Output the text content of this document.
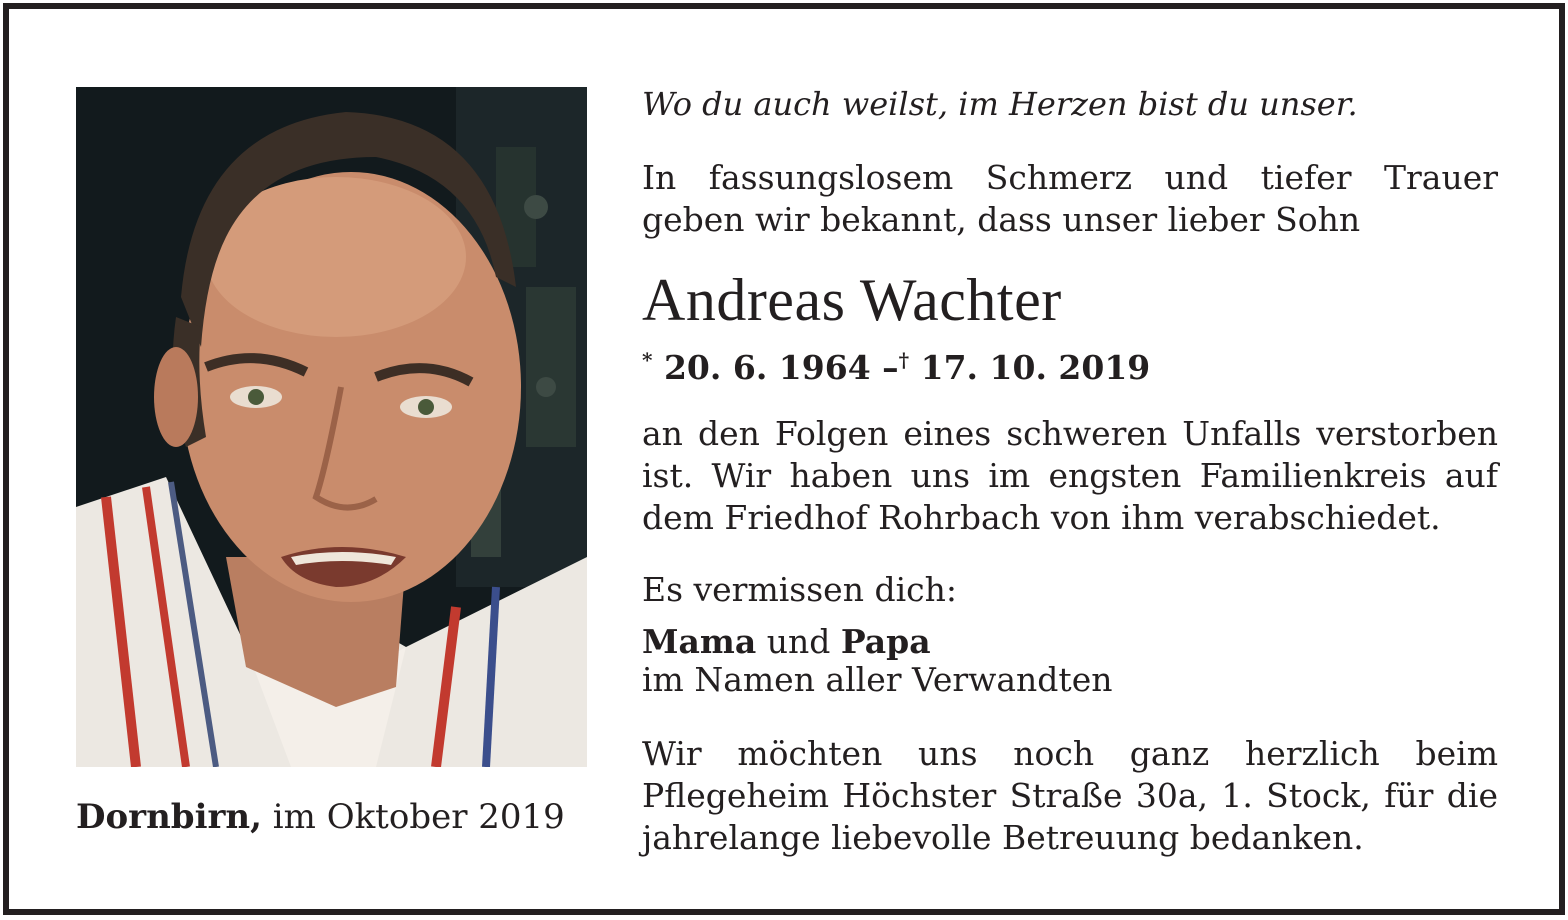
Dornbirn, im Oktober 2019
Wo du auch weilst, im Herzen bist du unser.
In fassungslosem Schmerz und tiefer Trauer geben wir bekannt, dass unser lieber Sohn
Andreas Wachter
* 20. 6. 1964 –† 17. 10. 2019
an den Folgen eines schweren Unfalls verstorben ist. Wir haben uns im engsten Familienkreis auf dem Friedhof Rohrbach von ihm verabschiedet.
Es vermissen dich:
Mama und Papa
im Namen aller Verwandten
Wir möchten uns noch ganz herzlich beim Pflegeheim Höchster Straße 30a, 1. Stock, für die jahrelange liebevolle Betreuung bedanken.
